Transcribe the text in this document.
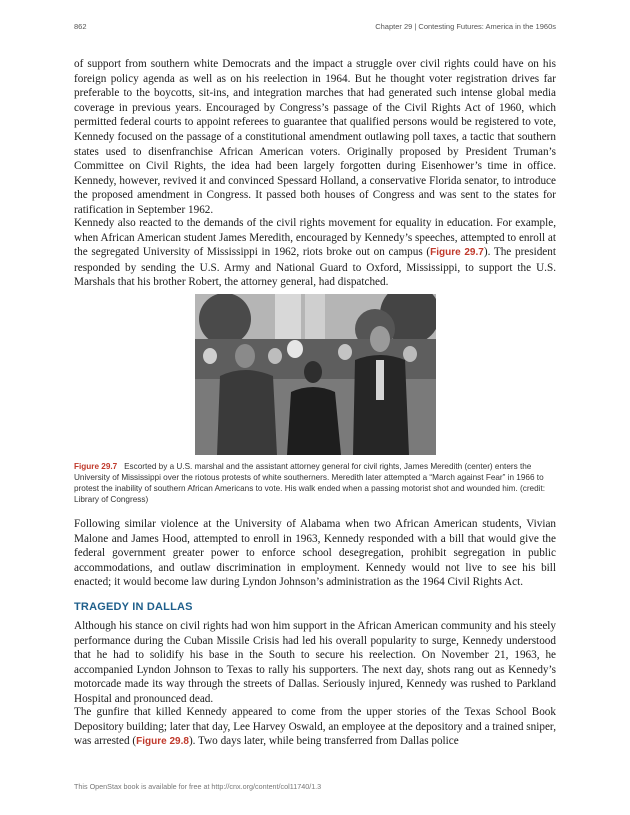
862	Chapter 29 | Contesting Futures: America in the 1960s

of support from southern white Democrats and the impact a struggle over civil rights could have on his foreign policy agenda as well as on his reelection in 1964. But he thought voter registration drives far preferable to the boycotts, sit-ins, and integration marches that had generated such intense global media coverage in previous years. Encouraged by Congress’s passage of the Civil Rights Act of 1960, which permitted federal courts to appoint referees to guarantee that qualified persons would be registered to vote, Kennedy focused on the passage of a constitutional amendment outlawing poll taxes, a tactic that southern states used to disenfranchise African American voters. Originally proposed by President Truman’s Committee on Civil Rights, the idea had been largely forgotten during Eisenhower’s time in office. Kennedy, however, revived it and convinced Spessard Holland, a conservative Florida senator, to introduce the proposed amendment in Congress. It passed both houses of Congress and was sent to the states for ratification in September 1962.

Kennedy also reacted to the demands of the civil rights movement for equality in education. For example, when African American student James Meredith, encouraged by Kennedy’s speeches, attempted to enroll at the segregated University of Mississippi in 1962, riots broke out on campus (Figure 29.7). The president responded by sending the U.S. Army and National Guard to Oxford, Mississippi, to support the U.S. Marshals that his brother Robert, the attorney general, had dispatched.

Figure 29.7 Escorted by a U.S. marshal and the assistant attorney general for civil rights, James Meredith (center) enters the University of Mississippi over the riotous protests of white southerners. Meredith later attempted a “March against Fear” in 1966 to protest the inability of southern African Americans to vote. His walk ended when a passing motorist shot and wounded him. (credit: Library of Congress)

Following similar violence at the University of Alabama when two African American students, Vivian Malone and James Hood, attempted to enroll in 1963, Kennedy responded with a bill that would give the federal government greater power to enforce school desegregation, prohibit segregation in public accommodations, and outlaw discrimination in employment. Kennedy would not live to see his bill enacted; it would become law during Lyndon Johnson’s administration as the 1964 Civil Rights Act.

TRAGEDY IN DALLAS

Although his stance on civil rights had won him support in the African American community and his steely performance during the Cuban Missile Crisis had led his overall popularity to surge, Kennedy understood that he had to solidify his base in the South to secure his reelection. On November 21, 1963, he accompanied Lyndon Johnson to Texas to rally his supporters. The next day, shots rang out as Kennedy’s motorcade made its way through the streets of Dallas. Seriously injured, Kennedy was rushed to Parkland Hospital and pronounced dead.

The gunfire that killed Kennedy appeared to come from the upper stories of the Texas School Book Depository building; later that day, Lee Harvey Oswald, an employee at the depository and a trained sniper, was arrested (Figure 29.8). Two days later, while being transferred from Dallas police

This OpenStax book is available for free at http://cnx.org/content/col11740/1.3
